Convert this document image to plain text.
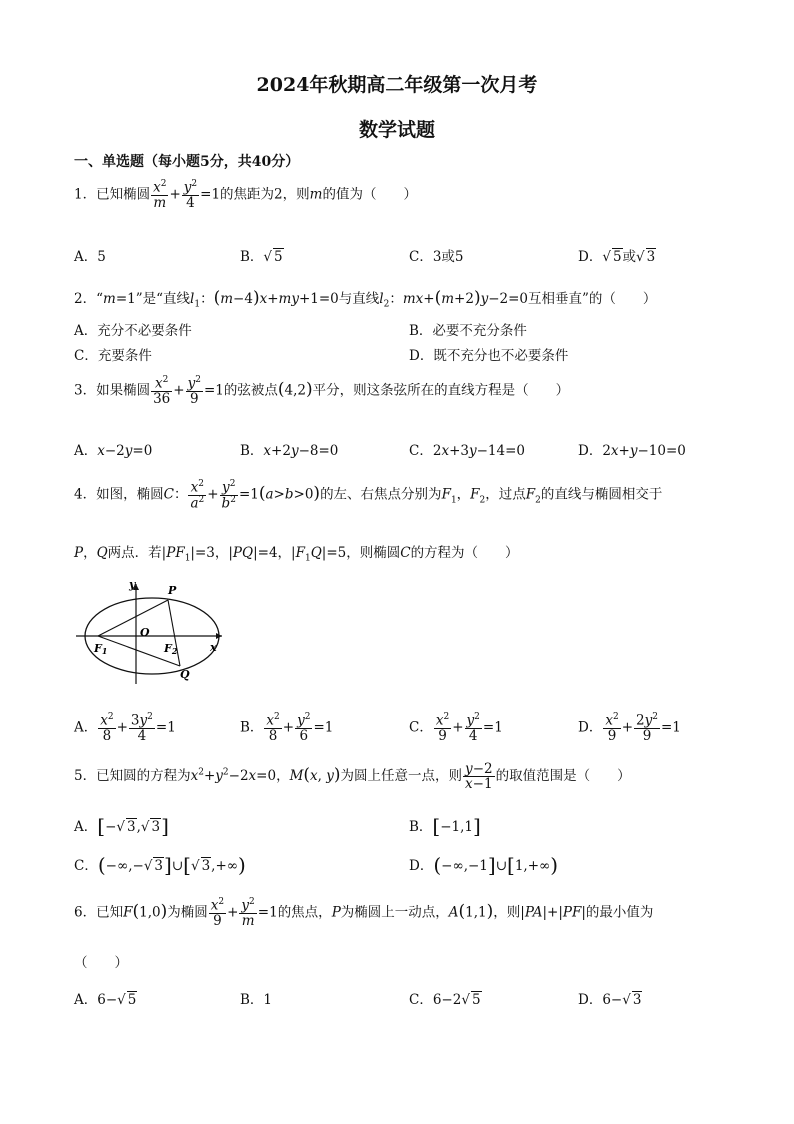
2024年秋期高二年级第一次月考
数学试题
一、单选题（每小题5分，共40分）
1．已知椭圆 $\frac{x^2}{m} + \frac{y^2}{4} =1$的焦距为2，则m的值为（　　）
A．5	B．√ 5	C．3或5	D．√ 5或√ 3
2．“m=1”是“直线$l_1$：(m−4)x+my+1=0与直线$l_2$：mx+(m+2)y−2=0互相垂直”的（　　）
A．充分不必要条件	B．必要不充分条件
C．充要条件	D．既不充分也不必要条件
3．如果椭圆 $\frac{x^2}{36} + \frac{y^2}{9} =1$的弦被点(4,2)平分，则这条弦所在的直线方程是（　　）
A．x−2y=0	B．x+2y−8=0	C．2x+3y−14=0	D．2x+y−10=0
4．如图，椭圆C： $\frac{x^2}{a^2} + \frac{y^2}{b^2} =1(a>b>0)$的左、右焦点分别为$F_1$，$F_2$，过点$F_2$的直线与椭圆相交于
P，Q两点．若$|PF_1|=3$，|PQ|=4，$|F_1Q|=5$，则椭圆C的方程为（　　）
y
x
P
O
F1	F2
Q
A． $\frac{x^2}{8} + \frac{3y^2}{4} =1$	B． $\frac{x^2}{8} + \frac{y^2}{6} =1$	C． $\frac{x^2}{9} + \frac{y^2}{4} =1$	D． $\frac{x^2}{9} + \frac{2y^2}{9} =1$
5．已知圆的方程为$x^2+y^2-2x=0$，M(x, y)为圆上任意一点，则 $\frac{y-2}{x-1}$ 的取值范围是（　　）
A．[−√ 3,√ 3]	B．[−1,1]
C．(−∞,−√ 3]∪[√ 3,+∞)	D．(−∞,−1]∪[1,+∞)
6．已知F(1,0)为椭圆 $\frac{x^2}{9} + \frac{y^2}{m} =1$的焦点，P为椭圆上一动点，A(1,1)，则|PA|+|PF|的最小值为
（　　）
A．6−√ 5	B．1	C．6−2√ 5	D．6−√ 3
